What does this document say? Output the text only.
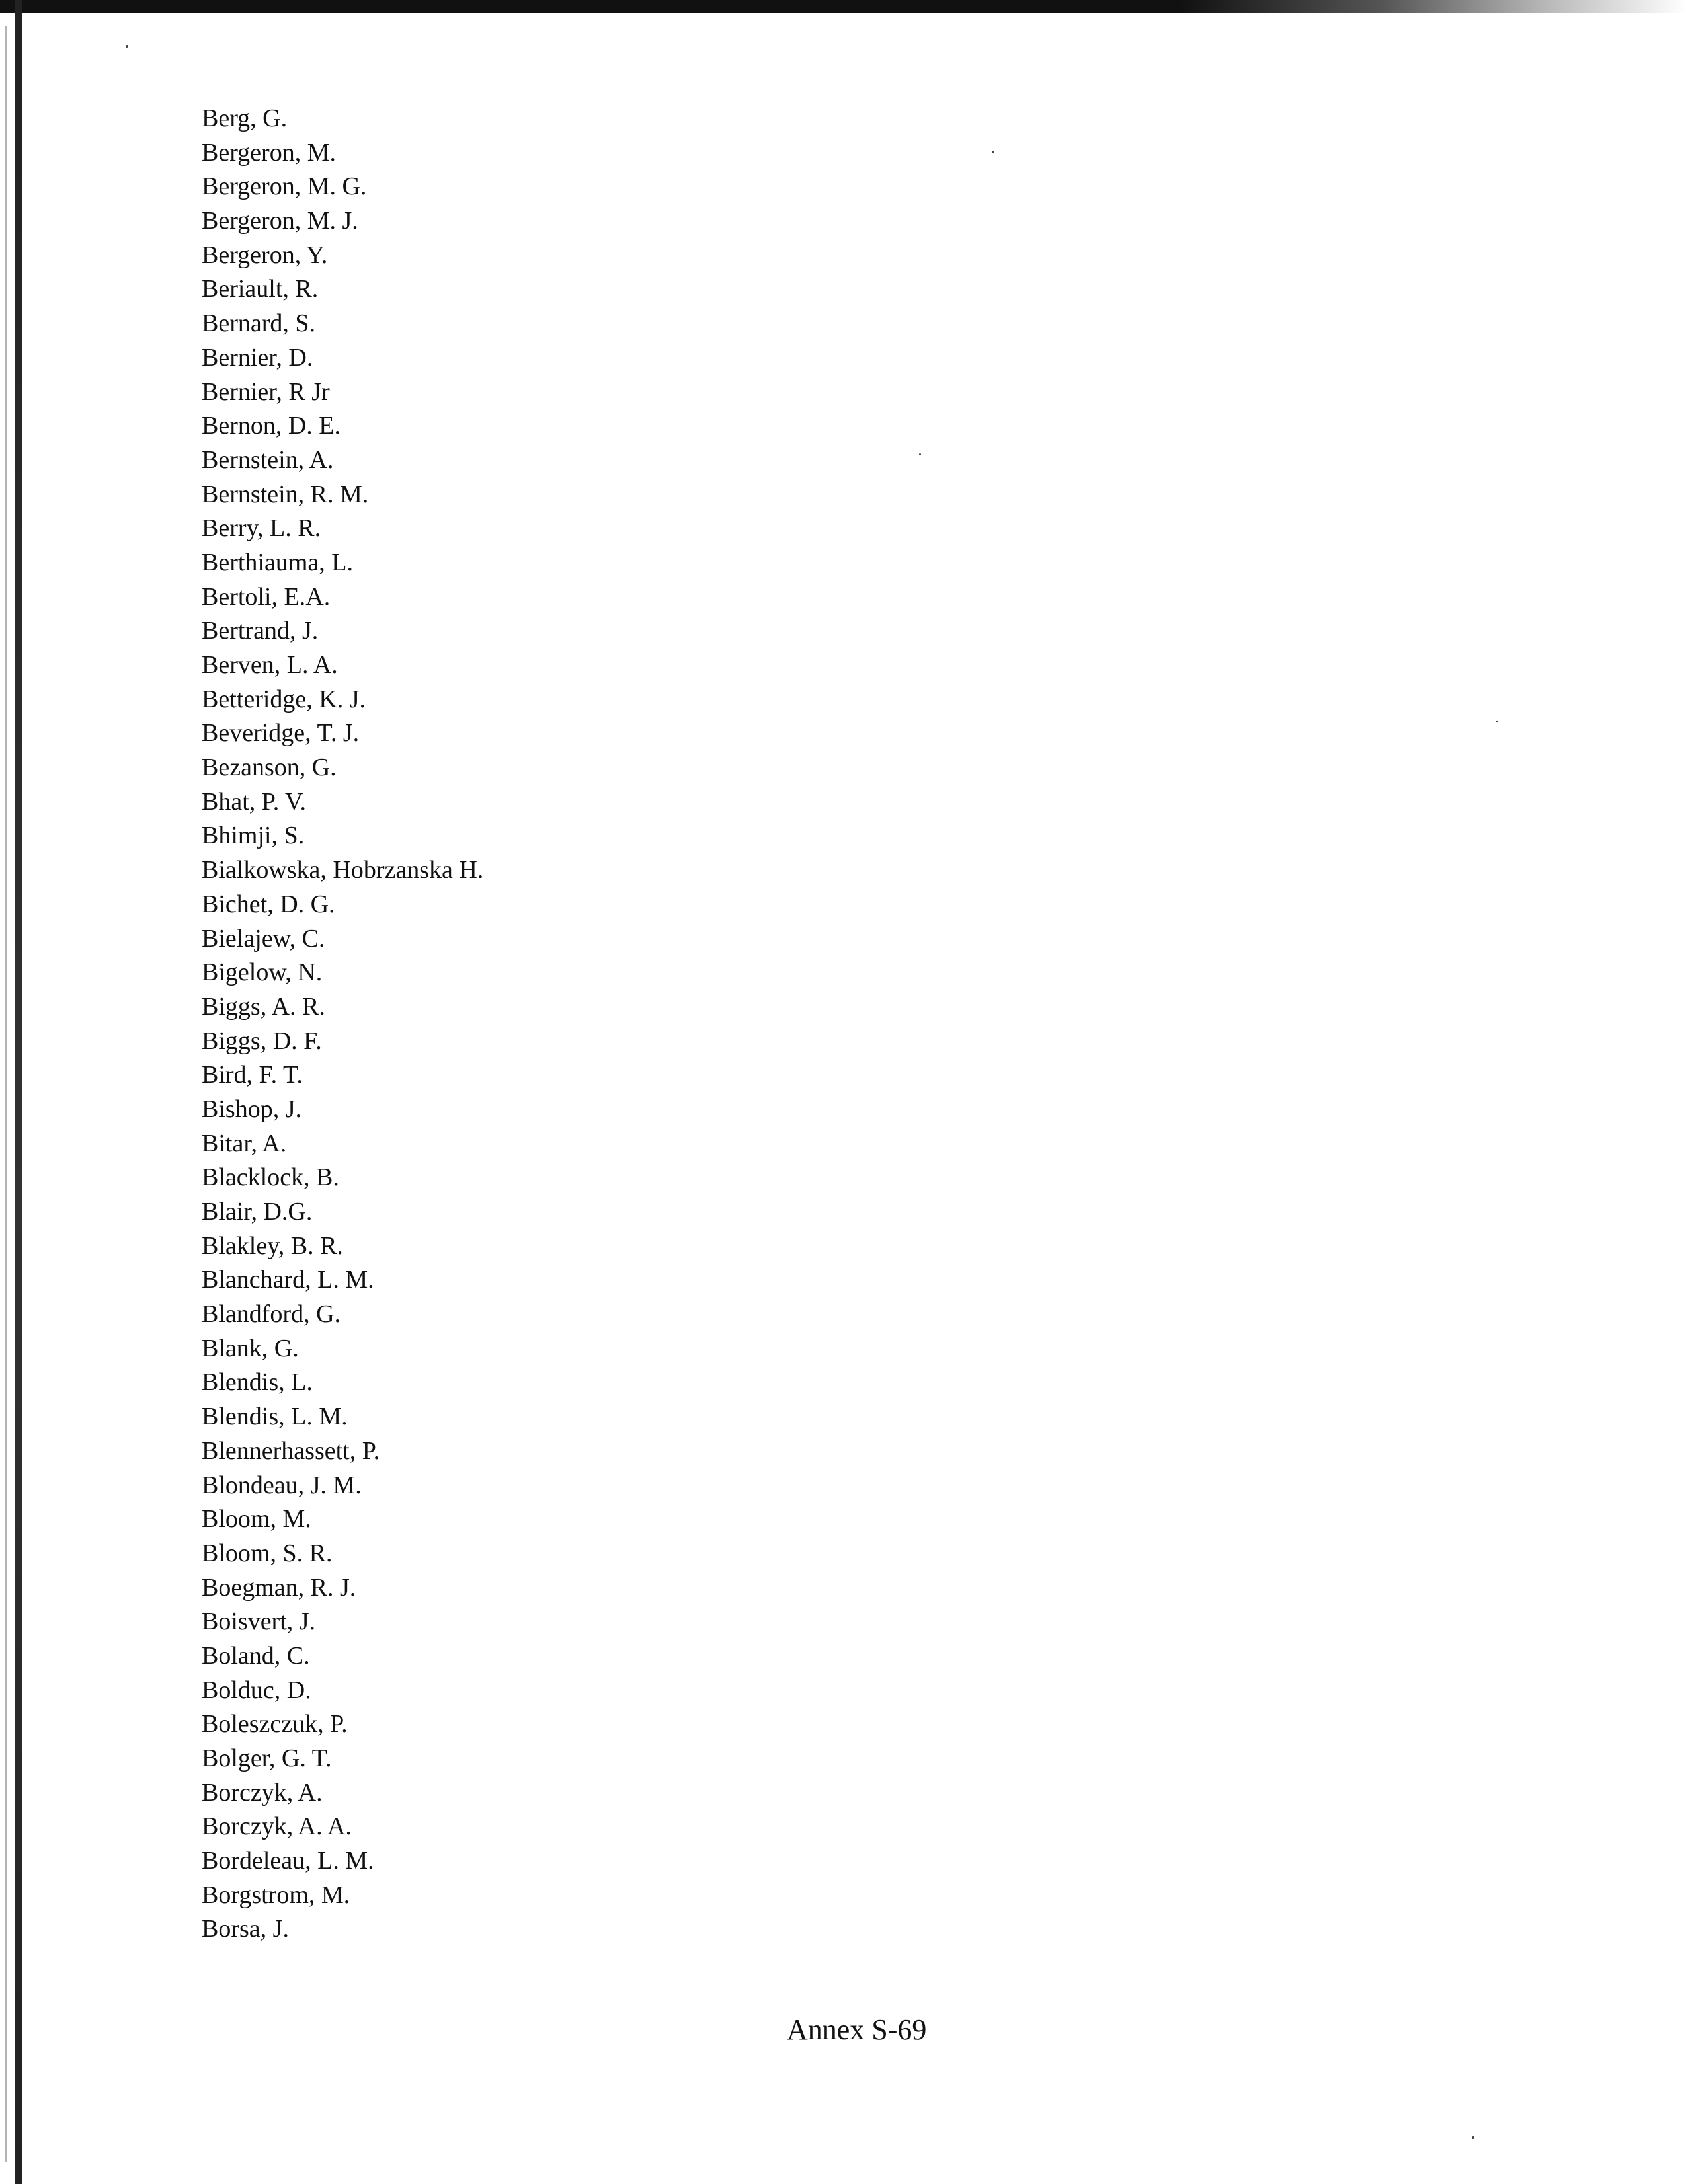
Berg, G.
Bergeron, M.
Bergeron, M. G.
Bergeron, M. J.
Bergeron, Y.
Beriault, R.
Bernard, S.
Bernier, D.
Bernier, R Jr
Bernon, D. E.
Bernstein, A.
Bernstein, R. M.
Berry, L. R.
Berthiauma, L.
Bertoli, E.A.
Bertrand, J.
Berven, L. A.
Betteridge, K. J.
Beveridge, T. J.
Bezanson, G.
Bhat, P. V.
Bhimji, S.
Bialkowska, Hobrzanska H.
Bichet, D. G.
Bielajew, C.
Bigelow, N.
Biggs, A. R.
Biggs, D. F.
Bird, F. T.
Bishop, J.
Bitar, A.
Blacklock, B.
Blair, D.G.
Blakley, B. R.
Blanchard, L. M.
Blandford, G.
Blank, G.
Blendis, L.
Blendis, L. M.
Blennerhassett, P.
Blondeau, J. M.
Bloom, M.
Bloom, S. R.
Boegman, R. J.
Boisvert, J.
Boland, C.
Bolduc, D.
Boleszczuk, P.
Bolger, G. T.
Borczyk, A.
Borczyk, A. A.
Bordeleau, L. M.
Borgstrom, M.
Borsa, J.
Annex S-69
